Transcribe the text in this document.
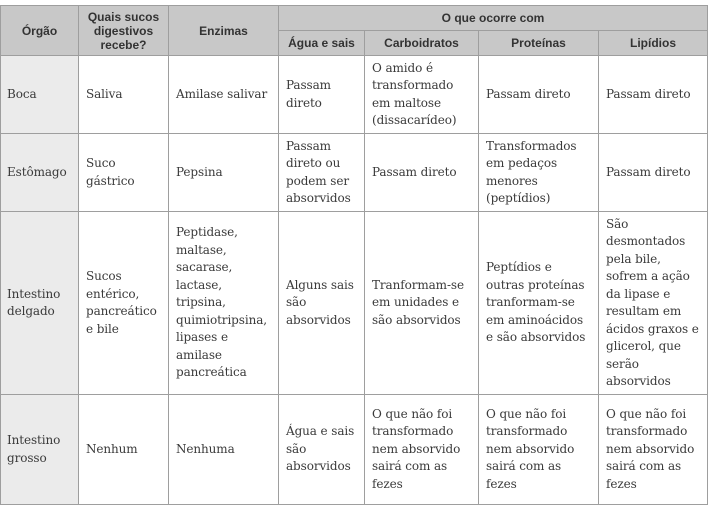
Órgão	Quais sucos digestivos recebe?	Enzimas	O que ocorre com			
			Água e sais	Carboidratos	Proteínas	Lipídios
Boca	Saliva	Amilase salivar	Passam direto	O amido é transformado em maltose (dissacarídeo)	Passam direto	Passam direto
Estômago	Suco gástrico	Pepsina	Passam direto ou podem ser absorvidos	Passam direto	Transformados em pedaços menores (peptídios)	Passam direto
Intestino delgado	Sucos entérico, pancreático e bile	Peptidase, maltase, sacarase, lactase, tripsina, quimiotripsina, lipases e amilase pancreática	Alguns sais são absorvidos	Tranformam-se em unidades e são absorvidos	Peptídios e outras proteínas tranformam-se em aminoácidos e são absorvidos	São desmontados pela bile, sofrem a ação da lipase e resultam em ácidos graxos e glicerol, que serão absorvidos
Intestino grosso	Nenhum	Nenhuma	Água e sais são absorvidos	O que não foi transformado nem absorvido sairá com as fezes	O que não foi transformado nem absorvido sairá com as fezes	O que não foi transformado nem absorvido sairá com as fezes
